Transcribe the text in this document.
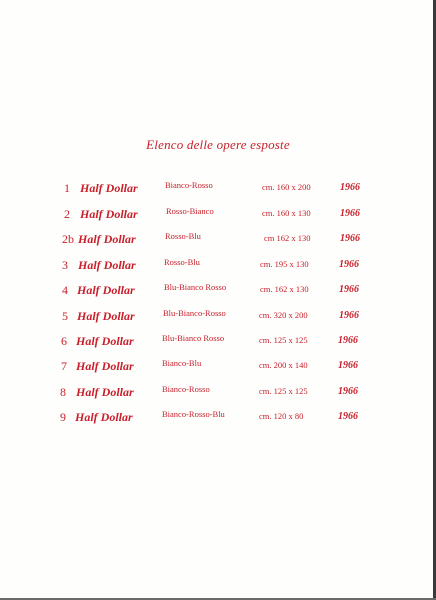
Elenco delle opere esposte
1 Half Dollar	Bianco-Rosso	cm. 160 x 200	1966
2 Half Dollar	Rosso-Bianco	cm. 160 x 130	1966
2b Half Dollar	Rosso-Blu	cm 162 x 130	1966
3 Half Dollar	Rosso-Blu	cm. 195 x 130	1966
4 Half Dollar	Blu-Bianco Rosso	cm. 162 x 130	1966
5 Half Dollar	Blu-Bianco-Rosso	cm. 320 x 200	1966
6 Half Dollar	Blu-Bianco Rosso	cm. 125 x 125	1966
7 Half Dollar	Bianco-Blu	cm. 200 x 140	1966
8 Half Dollar	Bianco-Rosso	cm. 125 x 125	1966
9 Half Dollar	Bianco-Rosso-Blu	cm. 120 x 80	1966
